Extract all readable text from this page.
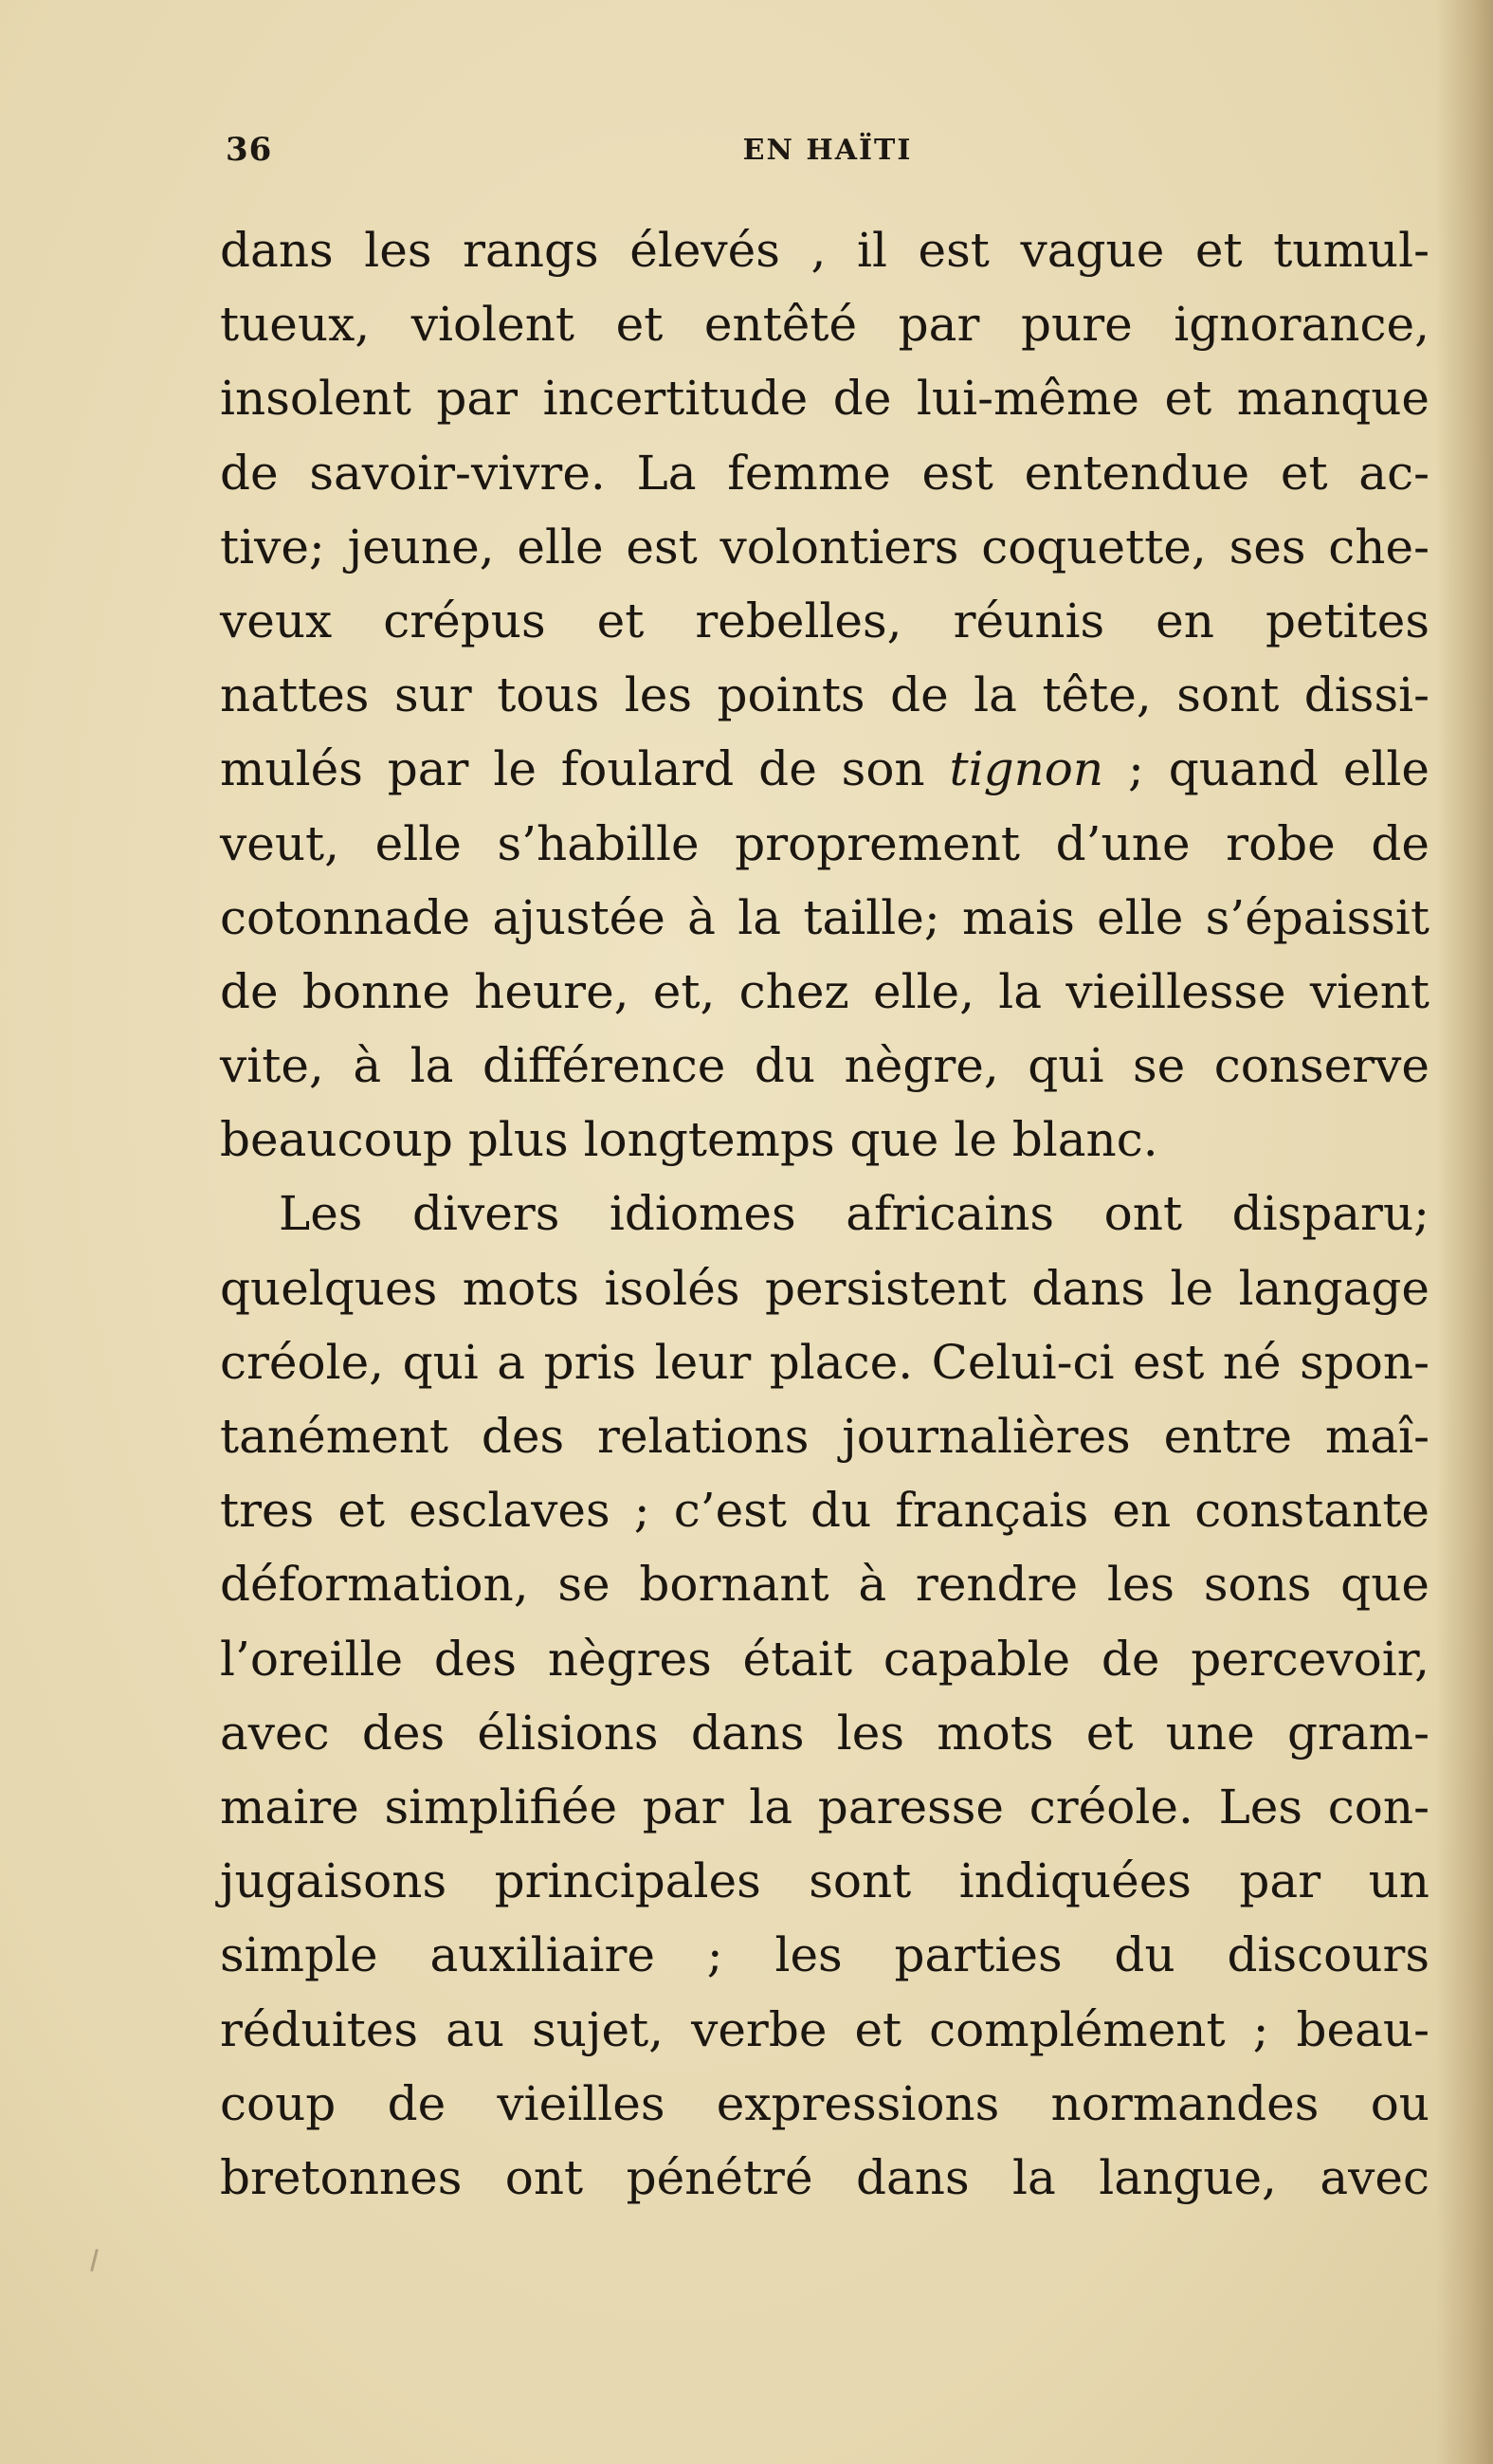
36	EN HAÏTI
dans les rangs élevés , il est vague et tumul-
tueux, violent et entêté par pure ignorance,
insolent par incertitude de lui-même et manque
de savoir-vivre. La femme est entendue et ac-
tive; jeune, elle est volontiers coquette, ses che-
veux crépus et rebelles, réunis en petites
nattes sur tous les points de la tête, sont dissi-
mulés par le foulard de son tignon ; quand elle
veut, elle s’habille proprement d’une robe de
cotonnade ajustée à la taille; mais elle s’épaissit
de bonne heure, et, chez elle, la vieillesse vient
vite, à la différence du nègre, qui se conserve
beaucoup plus longtemps que le blanc.
Les divers idiomes africains ont disparu;
quelques mots isolés persistent dans le langage
créole, qui a pris leur place. Celui-ci est né spon-
tanément des relations journalières entre maî-
tres et esclaves ; c’est du français en constante
déformation, se bornant à rendre les sons que
l’oreille des nègres était capable de percevoir,
avec des élisions dans les mots et une gram-
maire simplifiée par la paresse créole. Les con-
jugaisons principales sont indiquées par un
simple auxiliaire ; les parties du discours
réduites au sujet, verbe et complément ; beau-
coup de vieilles expressions normandes ou
bretonnes ont pénétré dans la langue, avec
